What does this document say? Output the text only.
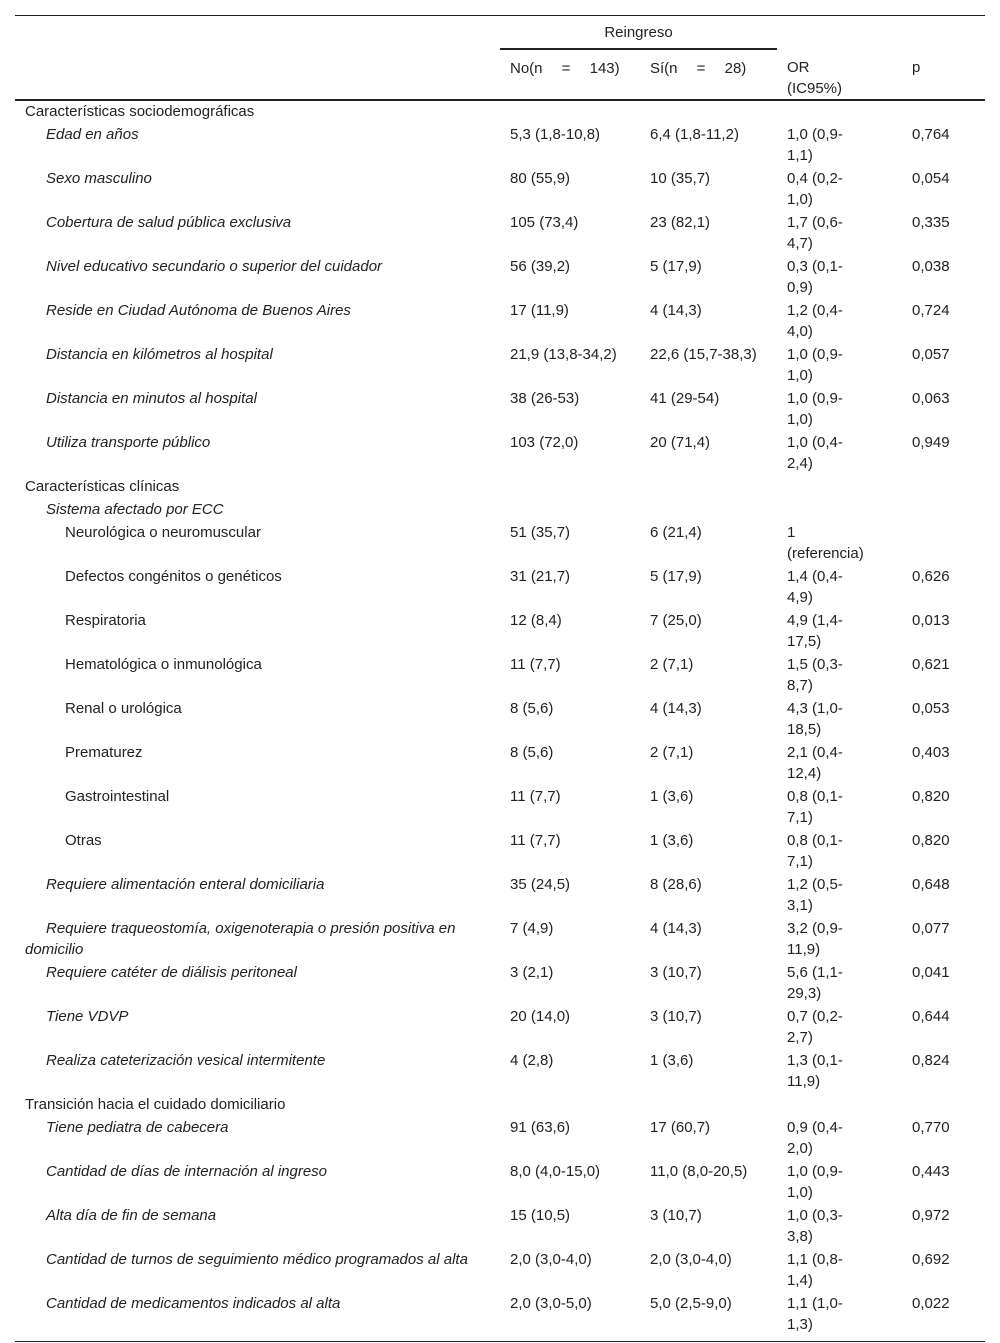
	Reingreso			
	No(n  =  143)	Sí(n  =  28)	OR (IC95%)	p
Características sociodemográficas				

Edad en años	5,3 (1,8-10,8)	6,4 (1,8-11,2)	1,0 (0,9-1,1)	0,764

Sexo masculino	80 (55,9)	10 (35,7)	0,4 (0,2-1,0)	0,054

Cobertura de salud pública exclusiva	105 (73,4)	23 (82,1)	1,7 (0,6-4,7)	0,335

Nivel educativo secundario o superior del cuidador	56 (39,2)	5 (17,9)	0,3 (0,1-0,9)	0,038

Reside en Ciudad Autónoma de Buenos Aires	17 (11,9)	4 (14,3)	1,2 (0,4-4,0)	0,724

Distancia en kilómetros al hospital	21,9 (13,8-34,2)	22,6 (15,7-38,3)	1,0 (0,9-1,0)	0,057

Distancia en minutos al hospital	38 (26-53)	41 (29-54)	1,0 (0,9-1,0)	0,063

Utiliza transporte público	103 (72,0)	20 (71,4)	1,0 (0,4-2,4)	0,949
Características clínicas				
Sistema afectado por ECC				
Neurológica o neuromuscular	51 (35,7)	6 (21,4)	1 (referencia)	
Defectos congénitos o genéticos	31 (21,7)	5 (17,9)	1,4 (0,4-4,9)	0,626
Respiratoria	12 (8,4)	7 (25,0)	4,9 (1,4-17,5)	0,013
Hematológica o inmunológica	11 (7,7)	2 (7,1)	1,5 (0,3-8,7)	0,621
Renal o urológica	8 (5,6)	4 (14,3)	4,3 (1,0-18,5)	0,053
Prematurez	8 (5,6)	2 (7,1)	2,1 (0,4-12,4)	0,403
Gastrointestinal	11 (7,7)	1 (3,6)	0,8 (0,1-7,1)	0,820
Otras	11 (7,7)	1 (3,6)	0,8 (0,1-7,1)	0,820

Requiere alimentación enteral domiciliaria	35 (24,5)	8 (28,6)	1,2 (0,5-3,1)	0,648

Requiere traqueostomía, oxigenoterapia o presión positiva en domicilio	7 (4,9)	4 (14,3)	3,2 (0,9-11,9)	0,077

Requiere catéter de diálisis peritoneal	3 (2,1)	3 (10,7)	5,6 (1,1-29,3)	0,041

Tiene VDVP	20 (14,0)	3 (10,7)	0,7 (0,2-2,7)	0,644

Realiza cateterización vesical intermitente	4 (2,8)	1 (3,6)	1,3 (0,1-11,9)	0,824
Transición hacia el cuidado domiciliario				

Tiene pediatra de cabecera	91 (63,6)	17 (60,7)	0,9 (0,4-2,0)	0,770

Cantidad de días de internación al ingreso	8,0 (4,0-15,0)	11,0 (8,0-20,5)	1,0 (0,9-1,0)	0,443

Alta día de fin de semana	15 (10,5)	3 (10,7)	1,0 (0,3-3,8)	0,972

Cantidad de turnos de seguimiento médico programados al alta	2,0 (3,0-4,0)	2,0 (3,0-4,0)	1,1 (0,8-1,4)	0,692

Cantidad de medicamentos indicados al alta	2,0 (3,0-5,0)	5,0 (2,5-9,0)	1,1 (1,0-1,3)	0,022
